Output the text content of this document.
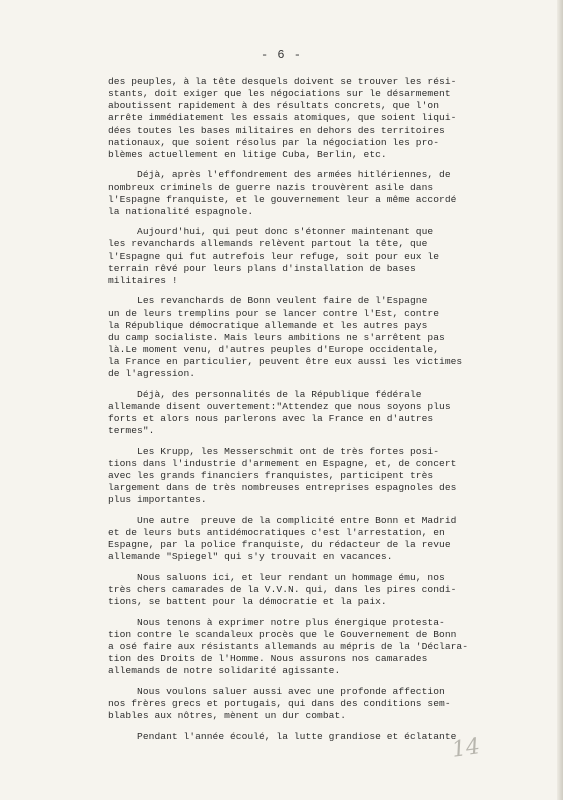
- 6 -
des peuples, à la tête desquels doivent se trouver les rési-
stants, doit exiger que les négociations sur le désarmement
aboutissent rapidement à des résultats concrets, que l'on
arrête immédiatement les essais atomiques, que soient liqui-
dées toutes les bases militaires en dehors des territoires
nationaux, que soient résolus par la négociation les pro-
blèmes actuellement en litige Cuba, Berlin, etc.
Déjà, après l'effondrement des armées hitlériennes, de
nombreux criminels de guerre nazis trouvèrent asile dans
l'Espagne franquiste, et le gouvernement leur a même accordé
la nationalité espagnole.
Aujourd'hui, qui peut donc s'étonner maintenant que
les revanchards allemands relèvent partout la tête, que
l'Espagne qui fut autrefois leur refuge, soit pour eux le
terrain rêvé pour leurs plans d'installation de bases
militaires !
Les revanchards de Bonn veulent faire de l'Espagne
un de leurs tremplins pour se lancer contre l'Est, contre
la République démocratique allemande et les autres pays
du camp socialiste. Mais leurs ambitions ne s'arrêtent pas
là.Le moment venu, d'autres peuples d'Europe occidentale,
la France en particulier, peuvent être eux aussi les victimes
de l'agression.
Déjà, des personnalités de la République fédérale
allemande disent ouvertement:"Attendez que nous soyons plus
forts et alors nous parlerons avec la France en d'autres
termes".
Les Krupp, les Messerschmit ont de très fortes posi-
tions dans l'industrie d'armement en Espagne, et, de concert
avec les grands financiers franquistes, participent très
largement dans de très nombreuses entreprises espagnoles des
plus importantes.
Une autre  preuve de la complicité entre Bonn et Madrid
et de leurs buts antidémocratiques c'est l'arrestation, en
Espagne, par la police franquiste, du rédacteur de la revue
allemande "Spiegel" qui s'y trouvait en vacances.
Nous saluons ici, et leur rendant un hommage ému, nos
très chers camarades de la V.V.N. qui, dans les pires condi-
tions, se battent pour la démocratie et la paix.
Nous tenons à exprimer notre plus énergique protesta-
tion contre le scandaleux procès que le Gouvernement de Bonn
a osé faire aux résistants allemands au mépris de la 'Déclara-
tion des Droits de l'Homme. Nous assurons nos camarades
allemands de notre solidarité agissante.
Nous voulons saluer aussi avec une profonde affection
nos frères grecs et portugais, qui dans des conditions sem-
blables aux nôtres, mènent un dur combat.
Pendant l'année écoulé, la lutte grandiose et éclatante
14
